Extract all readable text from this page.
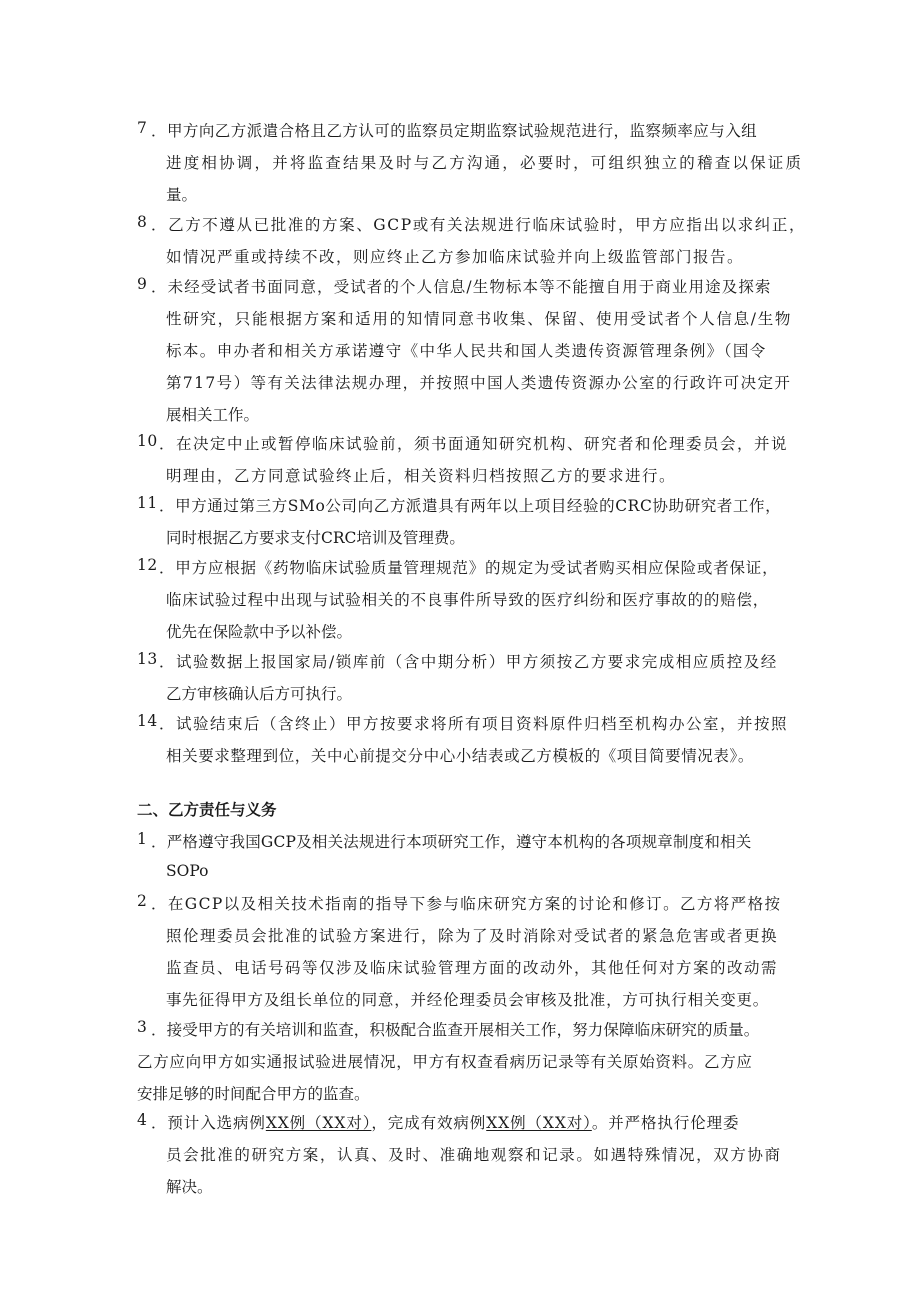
7 ．甲方向乙方派遣合格且乙方认可的监察员定期监察试验规范进行，监察频率应与入组
进度相协调，并将监查结果及时与乙方沟通，必要时，可组织独立的稽查以保证质
量。
8 ．乙方不遵从已批准的方案、GCP或有关法规进行临床试验时，甲方应指出以求纠正，
如情况严重或持续不改，则应终止乙方参加临床试验并向上级监管部门报告。
9 ．未经受试者书面同意，受试者的个人信息/生物标本等不能擅自用于商业用途及探索
性研究，只能根据方案和适用的知情同意书收集、保留、使用受试者个人信息/生物
标本。申办者和相关方承诺遵守《中华人民共和国人类遗传资源管理条例》（国令
第717号）等有关法律法规办理，并按照中国人类遗传资源办公室的行政许可决定开
展相关工作。
10 ．在决定中止或暂停临床试验前，须书面通知研究机构、研究者和伦理委员会，并说
明理由，乙方同意试验终止后，相关资料归档按照乙方的要求进行。
11 ．甲方通过第三方SMo公司向乙方派遣具有两年以上项目经验的CRC协助研究者工作，
同时根据乙方要求支付CRC培训及管理费。
12 ．甲方应根据《药物临床试验质量管理规范》的规定为受试者购买相应保险或者保证，
临床试验过程中出现与试验相关的不良事件所导致的医疗纠纷和医疗事故的的赔偿，
优先在保险款中予以补偿。
13 ．试验数据上报国家局/锁库前（含中期分析）甲方须按乙方要求完成相应质控及经
乙方审核确认后方可执行。
14 ．试验结束后（含终止）甲方按要求将所有项目资料原件归档至机构办公室，并按照
相关要求整理到位，关中心前提交分中心小结表或乙方模板的《项目简要情况表》。
二、乙方责任与义务
1 ．严格遵守我国GCP及相关法规进行本项研究工作，遵守本机构的各项规章制度和相关
SOPo
2 ．在GCP以及相关技术指南的指导下参与临床研究方案的讨论和修订。乙方将严格按
照伦理委员会批准的试验方案进行，除为了及时消除对受试者的紧急危害或者更换
监查员、电话号码等仅涉及临床试验管理方面的改动外，其他任何对方案的改动需
事先征得甲方及组长单位的同意，并经伦理委员会审核及批准，方可执行相关变更。
3 ．接受甲方的有关培训和监查，积极配合监查开展相关工作，努力保障临床研究的质量。
乙方应向甲方如实通报试验进展情况，甲方有权查看病历记录等有关原始资料。乙方应
安排足够的时间配合甲方的监查。
4 ．预计入选病例XX例（XX对），完成有效病例XX例（XX对）。并严格执行伦理委
员会批准的研究方案，认真、及时、准确地观察和记录。如遇特殊情况，双方协商
解决。
